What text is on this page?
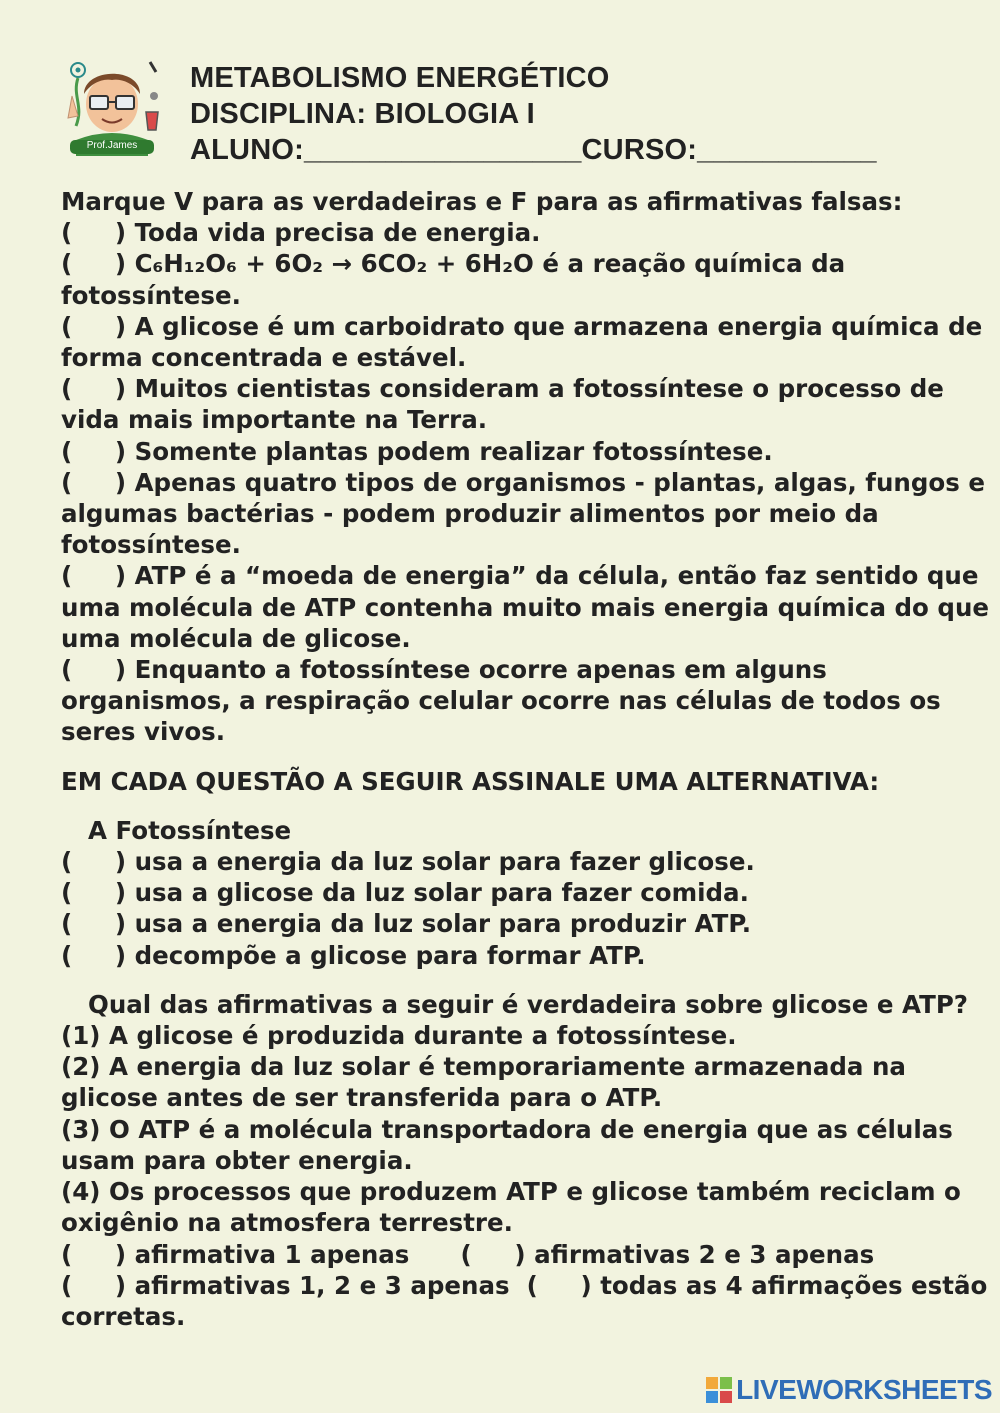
Prof.James
METABOLISMO ENERGÉTICO
DISCIPLINA: BIOLOGIA I
ALUNO:_________________CURSO:___________
Marque V para as verdadeiras e F para as afirmativas falsas:
(     ) Toda vida precisa de energia.
(     ) C₆H₁₂O₆ + 6O₂ → 6CO₂ + 6H₂O é a reação química da
fotossíntese.
(     ) A glicose é um carboidrato que armazena energia química de
forma concentrada e estável.
(     ) Muitos cientistas consideram a fotossíntese o processo de
vida mais importante na Terra.
(     ) Somente plantas podem realizar fotossíntese.
(     ) Apenas quatro tipos de organismos - plantas, algas, fungos e
algumas bactérias - podem produzir alimentos por meio da
fotossíntese.
(     ) ATP é a “moeda de energia” da célula, então faz sentido que
uma molécula de ATP contenha muito mais energia química do que
uma molécula de glicose.
(     ) Enquanto a fotossíntese ocorre apenas em alguns
organismos, a respiração celular ocorre nas células de todos os
seres vivos.
EM CADA QUESTÃO A SEGUIR ASSINALE UMA ALTERNATIVA:
A Fotossíntese
(     ) usa a energia da luz solar para fazer glicose.
(     ) usa a glicose da luz solar para fazer comida.
(     ) usa a energia da luz solar para produzir ATP.
(     ) decompõe a glicose para formar ATP.
Qual das afirmativas a seguir é verdadeira sobre glicose e ATP?
(1) A glicose é produzida durante a fotossíntese.
(2) A energia da luz solar é temporariamente armazenada na
glicose antes de ser transferida para o ATP.
(3) O ATP é a molécula transportadora de energia que as células
usam para obter energia.
(4) Os processos que produzem ATP e glicose também reciclam o
oxigênio na atmosfera terrestre.
(     ) afirmativa 1 apenas      (     ) afirmativas 2 e 3 apenas
(     ) afirmativas 1, 2 e 3 apenas  (     ) todas as 4 afirmações estão
corretas.
LIVEWORKSHEETS
